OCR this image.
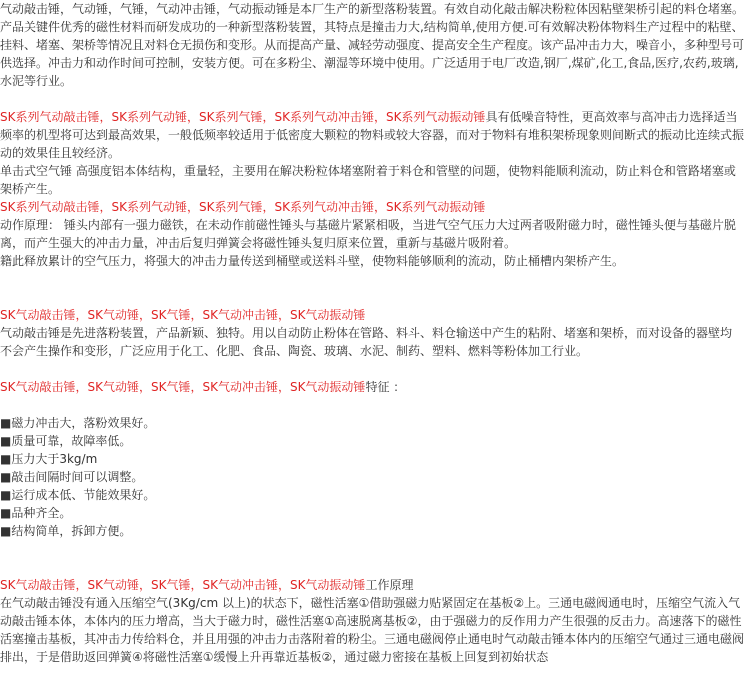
气动敲击锤，气动锤，气锤，气动冲击锤，气动振动锤是本厂生产的新型落粉装置。有效自动化敲击解决粉粒体因粘壁架桥引起的料仓堵塞。
产品关键件优秀的磁性材料而研发成功的一种新型落粉装置，其特点是撞击力大,结构简单,使用方便.可有效解决粉体物料生产过程中的粘壁、
挂料、堵塞、架桥等情况且对料仓无损伤和变形。从而提高产量、减轻劳动强度、提高安全生产程度。该产品冲击力大，噪音小，多种型号可
供选择。冲击力和动作时间可控制，安装方便。可在多粉尘、潮湿等环境中使用。广泛适用于电厂改造,钢厂,煤矿,化工,食品,医疗,农药,玻璃,
水泥等行业。
SK系列气动敲击锤，SK系列气动锤，SK系列气锤，SK系列气动冲击锤，SK系列气动振动锤具有低噪音特性，更高效率与高冲击力选择适当
频率的机型将可达到最高效果，一般低频率较适用于低密度大颗粒的物料或较大容器，而对于物料有堆积架桥现象则间断式的振动比连续式振
动的效果佳且较经济。
单击式空气锤 高强度铝本体结构，重量轻，主要用在解决粉粒体堵塞附着于料仓和管壁的问题，使物料能顺利流动，防止料仓和管路堵塞或
架桥产生。
SK系列气动敲击锤，SK系列气动锤，SK系列气锤，SK系列气动冲击锤，SK系列气动振动锤
动作原理： 锤头内部有一强力磁铁，在未动作前磁性锤头与基磁片紧紧相吸，当进气空气压力大过两者吸附磁力时，磁性锤头便与基磁片脱
离，而产生强大的冲击力量，冲击后复归弹簧会将磁性锤头复归原来位置，重新与基磁片吸附着。
籍此释放累计的空气压力，将强大的冲击力量传送到桶壁或送料斗壁，使物料能够顺利的流动，防止桶槽内架桥产生。
SK气动敲击锤，SK气动锤，SK气锤，SK气动冲击锤，SK气动振动锤
气动敲击锤是先进落粉装置，产品新颖、独特。用以自动防止粉体在管路、料斗、料仓输送中产生的粘附、堵塞和架桥，而对设备的器壁均
不会产生操作和变形，广泛应用于化工、化肥、食品、陶瓷、玻璃、水泥、制药、塑料、燃料等粉体加工行业。
SK气动敲击锤，SK气动锤，SK气锤，SK气动冲击锤，SK气动振动锤特征 ：
■磁力冲击大，落粉效果好。
■质量可靠，故障率低。
■压力大于3kg/m
■敲击间隔时间可以调整。
■运行成本低、节能效果好。
■品种齐全。
■结构简单，拆卸方便。
SK气动敲击锤，SK气动锤，SK气锤，SK气动冲击锤，SK气动振动锤工作原理
在气动敲击锤没有通入压缩空气(3Kg/cm 以上)的状态下，磁性活塞①借助强磁力贴紧固定在基板②上。三通电磁阀通电时，压缩空气流入气
动敲击锤本体，本体内的压力增高，当大于磁力时，磁性活塞①高速脱离基板②，由于强磁力的反作用力产生很强的反击力。高速落下的磁性
活塞撞击基板，其冲击力传给料仓，并且用强的冲击力击落附着的粉尘。三通电磁阀停止通电时气动敲击锤本体内的压缩空气通过三通电磁阀
排出，于是借助返回弹簧④将磁性活塞①缓慢上升再靠近基板②，通过磁力密接在基板上回复到初始状态
